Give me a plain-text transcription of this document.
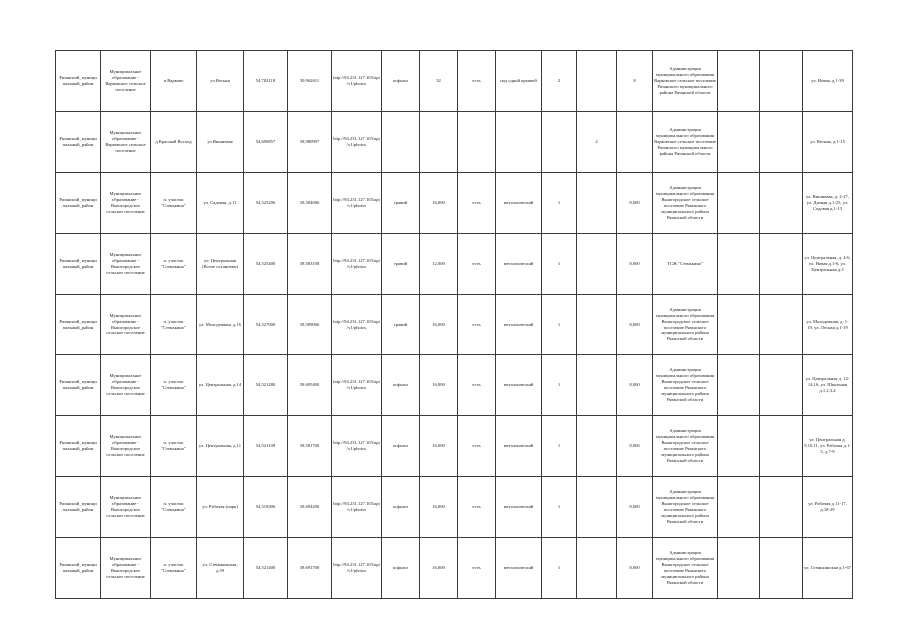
Рязанский_муници пальный_район	Муниципальное образование - Варковское сельское поселение	п.Варково	ул.Весная	54,702118	39,962611	http://94.231.127.103/api/v1/photos	асфальт	32	есть	под одной крышей	2		8	Администрация муниципального образования Варковское сельское поселение Рязанского муниципального района Рязанской области			ул. Новая, д.1-39
Рязанский_муници пальный_район	Муниципальное образование - Варковское сельское поселение	д.Красный Восход	ул.Вишневая	54,690857	39,980997	http://94.231.127.103/api/v1/photos						2		Администрация муниципального образования Варковское сельское поселение Рязанского муниципального района Рязанской области			ул. Весная, д.1-15
Рязанский_муници пальный_район	Муниципальное образование - Вышгородское сельское поселение	п. участок "Стенькино"	ул. Садовая, д.11	54,525206	39,584006	http://94.231.127.103/api/v1/photos	гравий	16,000	есть	металлический	1		8,000	Администрация муниципального образования Вышгородское сельское поселение Рязанского муниципального района Рязанской области			ул. Вишневая, д. 2-27, ул. Дачная д.1-25, ул. Садовая д.1-13
Рязанский_муници пальный_район	Муниципальное образование - Вышгородское сельское поселение	п. участок "Стенькино"	ул. Центральная (Возле остановки)	54,525400	39,583108	http://94.231.127.103/api/v1/photos	гравий	12,000	есть	металлический	1		8,000	ТСЖ "Стенькино"			ул. Центральная, д. 4-6, ул. Новая д.1-6, ул. Центральная д.3
Рязанский_муници пальный_район	Муниципальное образование - Вышгородское сельское поселение	п. участок "Стенькино"	ул. Молодежная, д.16	54,527000	39,589006	http://94.231.127.103/api/v1/photos	гравий	16,000	есть	металлический	1		8,000	Администрация муниципального образования Вышгородское сельское поселение Рязанского муниципального района Рязанской области			ул. Молодежная, д. 1-19, ул. Лесная д.1-19
Рязанский_муници пальный_район	Муниципальное образование - Вышгородское сельское поселение	п. участок "Стенькино"	ул. Центральная, д.14	54,521280	39,695400	http://94.231.127.103/api/v1/photos	асфальт	16,000	есть	металлический	1		8,000	Администрация муниципального образования Вышгородское сельское поселение Рязанского муниципального района Рязанской области			ул. Центральная д. 12-14,16, ул. Школьная д.1,2,3,4
Рязанский_муници пальный_район	Муниципальное образование - Вышгородское сельское поселение	п. участок "Стенькино"	ул. Центральная, д.11	54,521109	39,581700	http://94.231.127.103/api/v1/photos	асфальт	16,000	есть	металлический	1		8,000	Администрация муниципального образования Вышгородское сельское поселение Рязанского муниципального района Рязанской области			ул. Центральная д. 9,10,11, ул. Рабочая д.1-5, д.7-9
Рязанский_муници пальный_район	Муниципальное образование - Вышгородское сельское поселение	п. участок "Стенькино"	ул. Рабочая (парк)	54,518306	39,694200	http://94.231.127.103/api/v1/photos	асфальт	16,000	есть	металлический	1		8,000	Администрация муниципального образования Вышгородское сельское поселение Рязанского муниципального района Рязанской области			ул. Рабочая д.11-17, д.18-29
Рязанский_муници пальный_район	Муниципальное образование - Вышгородское сельское поселение	п. участок "Стенькино"	ул. Стенькинская, д.59	54,521400	39,691700	http://94.231.127.103/api/v1/photos	асфальт	16,000	есть	металлический	1		8,000	Администрация муниципального образования Вышгородское сельское поселение Рязанского муниципального района Рязанской области			ул. Стенькинская д.1-67
